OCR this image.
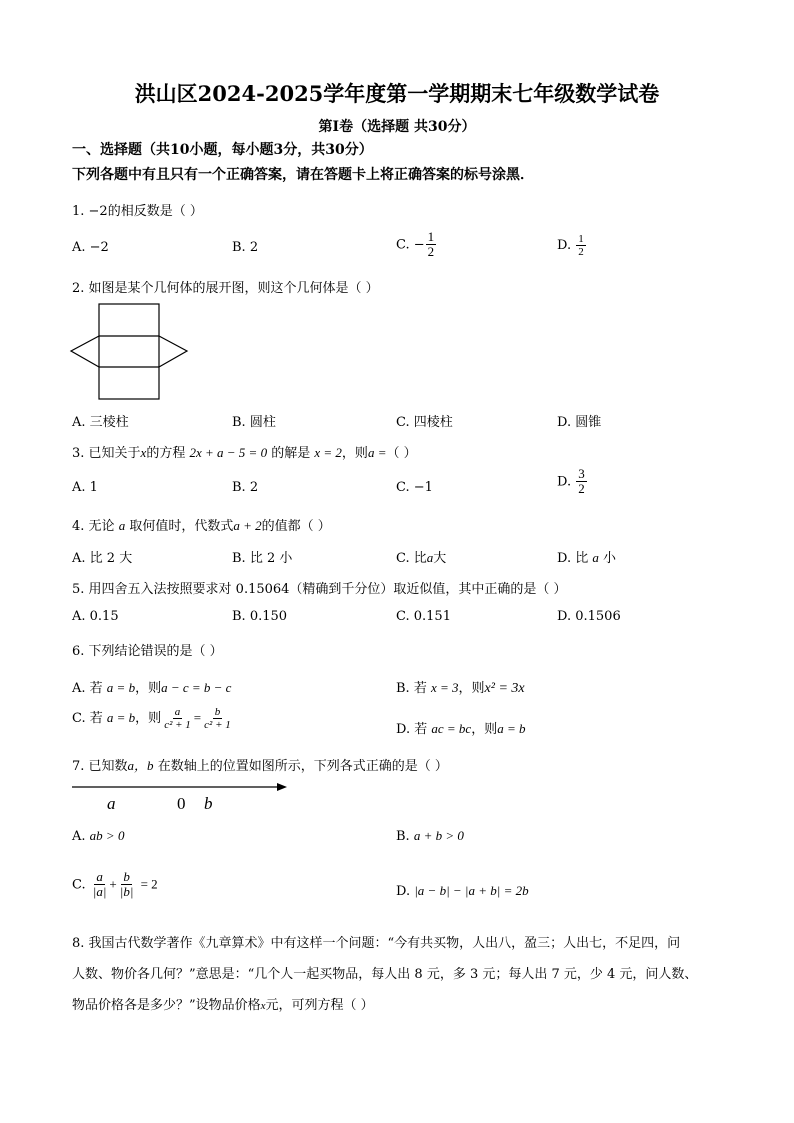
洪山区2024-2025学年度第一学期期末七年级数学试卷
第Ⅰ卷（选择题 共30分）
一、选择题（共10小题，每小题3分，共30分）
下列各题中有且只有一个正确答案，请在答题卡上将正确答案的标号涂黑．
1. −2的相反数是（ ）
A. −2	B. 2	C. − $\frac{1}{2}$	D. $\frac{1}{2}$
2. 如图是某个几何体的展开图，则这个几何体是（ ）
A. 三棱柱	B. 圆柱	C. 四棱柱	D. 圆锥
3. 已知关于x的方程 2x + a − 5 = 0 的解是 x = 2，则a =（ ）
A. 1	B. 2	C. −1	D. $\frac{3}{2}$
4. 无论 a 取何值时，代数式a + 2的值都（ ）
A. 比 2 大	B. 比 2 小	C. 比a大	D. 比 a 小
5. 用四舍五入法按照要求对 0.15064（精确到千分位）取近似值，其中正确的是（ ）
A. 0.15	B. 0.150	C. 0.151	D. 0.1506
6. 下列结论错误的是（ ）
A. 若 a = b，则a − c = b − c	B. 若 x = 3，则x² = 3x
C. 若 a = b，则 $\frac{a}{\text{c² + 1}} = \frac{b}{\text{c² + 1}}$	D. 若 ac = bc，则a = b
7. 已知数a，b 在数轴上的位置如图所示，下列各式正确的是（ ）
a	0 b
A. ab > 0	B. a + b > 0
C. $\frac{a}{|a|} + \frac{b}{|b|} = 2$
D. |a − b| − |a + b| = 2b
8. 我国古代数学著作《九章算术》中有这样一个问题：“今有共买物，人出八，盈三；人出七，不足四，问
人数、物价各几何？”意思是：“几个人一起买物品，每人出 8 元，多 3 元；每人出 7 元，少 4 元，问人数、
物品价格各是多少？”设物品价格x元，可列方程（ ）
